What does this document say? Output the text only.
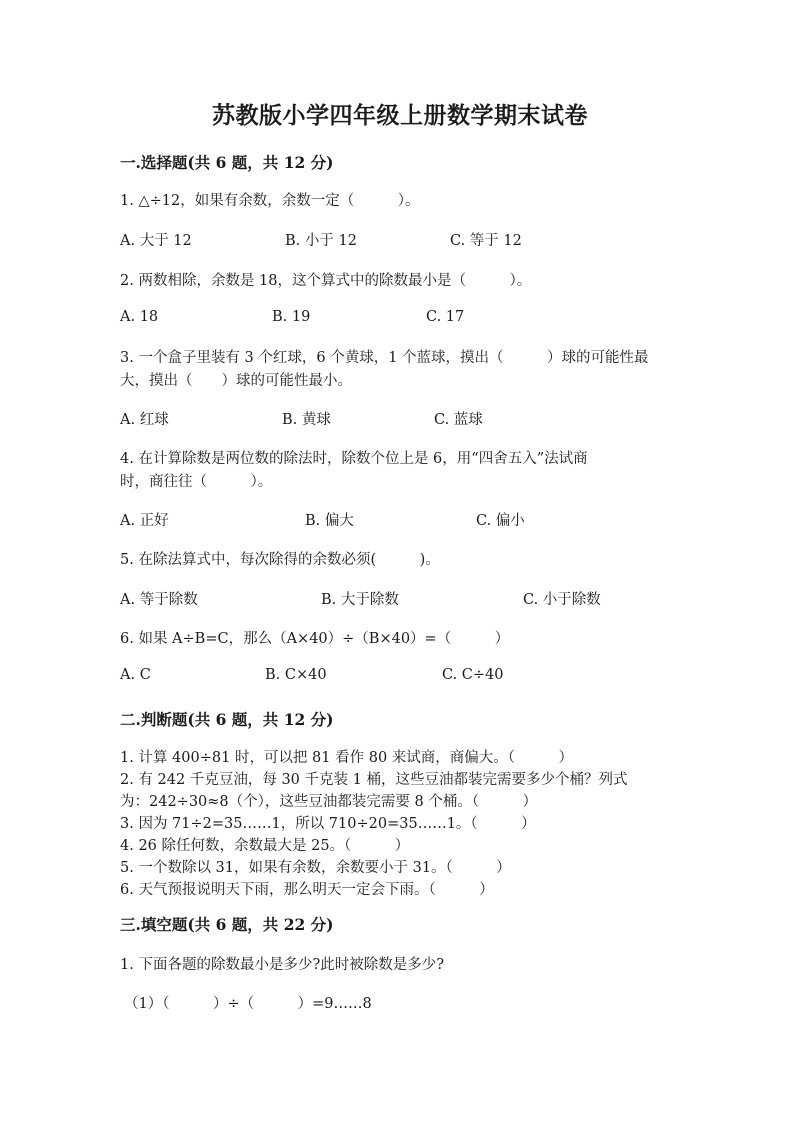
苏教版小学四年级上册数学期末试卷
一.选择题(共 6 题，共 12 分)
1. △÷12，如果有余数，余数一定（　　　）。
A. 大于 12	B. 小于 12	C. 等于 12
2. 两数相除，余数是 18，这个算式中的除数最小是（　　　）。
A. 18	B. 19	C. 17
3. 一个盒子里装有 3 个红球，6 个黄球，1 个蓝球，摸出（　　　）球的可能性最
大，摸出（　　）球的可能性最小。
A. 红球	B. 黄球	C. 蓝球
4. 在计算除数是两位数的除法时，除数个位上是 6，用“四舍五入”法试商
时，商往往（　　　）。
A. 正好	B. 偏大	C. 偏小
5. 在除法算式中，每次除得的余数必须(　　　)。
A. 等于除数	B. 大于除数	C. 小于除数
6. 如果 A÷B=C，那么（A×40）÷（B×40）=（　　　）
A. C	B. C×40	C. C÷40
二.判断题(共 6 题，共 12 分)
1. 计算 400÷81 时，可以把 81 看作 80 来试商，商偏大。（　　　）
2. 有 242 千克豆油，每 30 千克装 1 桶，这些豆油都装完需要多少个桶？列式
为：242÷30≈8（个），这些豆油都装完需要 8 个桶。（　　　）
3. 因为 71÷2=35……1，所以 710÷20=35……1。（　　　）
4. 26 除任何数，余数最大是 25。（　　　）
5. 一个数除以 31，如果有余数，余数要小于 31。（　　　）
6. 天气预报说明天下雨，那么明天一定会下雨。（　　　）
三.填空题(共 6 题，共 22 分)
1. 下面各题的除数最小是多少?此时被除数是多少?
（1）（　　　）÷（　　　）=9……8
